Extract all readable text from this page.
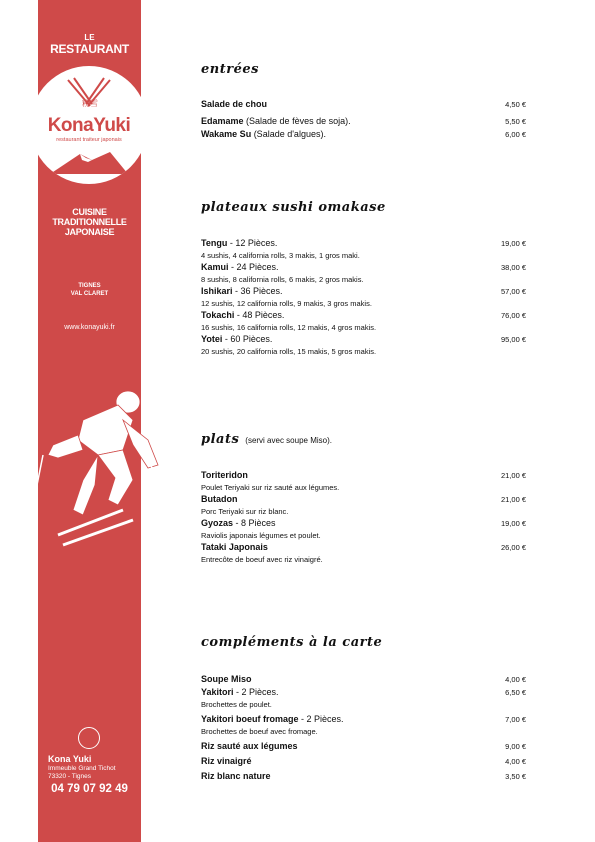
LE
RESTAURANT
粉雪
KonaYuki
restaurant traiteur japonais
CUISINE
TRADITIONNELLE
JAPONAISE
TIGNES
VAL CLARET
www.konayuki.fr
Kona Yuki
Immeuble Grand Tichot
73320 - Tignes
04 79 07 92 49
entrées
Salade de chou	4,50 €
Edamame (Salade de fèves de soja).	5,50 €
Wakame Su (Salade d'algues).	6,00 €
plateaux sushi omakase
Tengu - 12 Pièces.	19,00 €
4 sushis, 4 california rolls, 3 makis, 1 gros maki.
Kamui - 24 Pièces.	38,00 €
8 sushis, 8 california rolls, 6 makis, 2 gros makis.
Ishikari - 36 Pièces.	57,00 €
12 sushis, 12 california rolls, 9 makis, 3 gros makis.
Tokachi - 48 Pièces.	76,00 €
16 sushis, 16 california rolls, 12 makis, 4 gros makis.
Yotei - 60 Pièces.	95,00 €
20 sushis, 20 california rolls, 15 makis, 5 gros makis.
plats (servi avec soupe Miso).
Toriteridon	21,00 €
Poulet Teriyaki sur riz sauté aux légumes.
Butadon	21,00 €
Porc Teriyaki sur riz blanc.
Gyozas - 8 Pièces	19,00 €
Raviolis japonais légumes et poulet.
Tataki Japonais	26,00 €
Entrecôte de boeuf avec riz vinaigré.
compléments à la carte
Soupe Miso	4,00 €
Yakitori - 2 Pièces.	6,50 €
Brochettes de poulet.
Yakitori boeuf fromage - 2 Pièces.	7,00 €
Brochettes de boeuf avec fromage.
Riz sauté aux légumes	9,00 €
Riz vinaigré	4,00 €
Riz blanc nature	3,50 €
